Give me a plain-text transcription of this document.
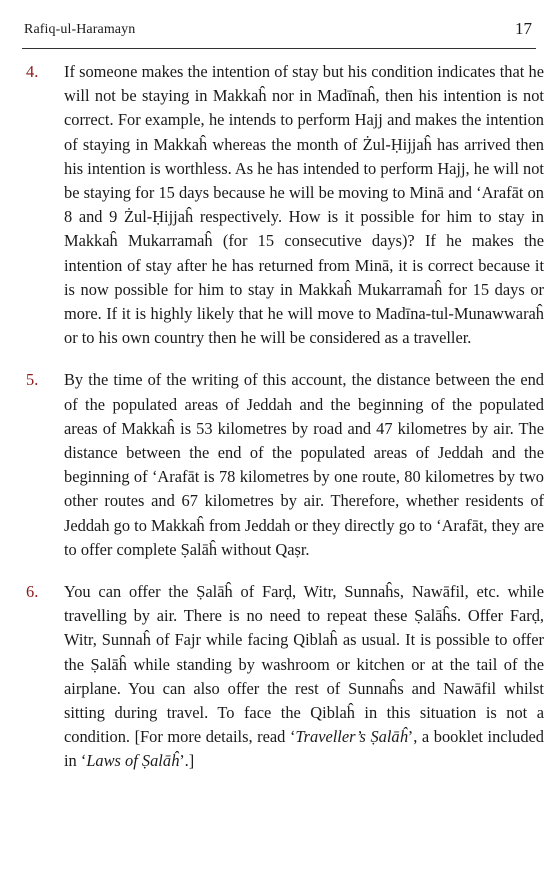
Rafiq-ul-Haramayn	17
4.	If someone makes the intention of stay but his condition indicates that he will not be staying in Makkaĥ nor in Madīnaĥ, then his intention is not correct. For example, he intends to perform Hajj and makes the intention of staying in Makkaĥ whereas the month of Żul-Ḥijjaĥ has arrived then his intention is worthless. As he has intended to perform Hajj, he will not be staying for 15 days because he will be moving to Minā and ‘Arafāt on 8 and 9 Żul-Ḥijjaĥ respectively. How is it possible for him to stay in Makkaĥ Mukarramaĥ (for 15 consecutive days)? If he makes the intention of stay after he has returned from Minā, it is correct because it is now possible for him to stay in Makkaĥ Mukarramaĥ for 15 days or more. If it is highly likely that he will move to Madīna-tul-Munawwaraĥ or to his own country then he will be considered as a traveller.
5.	By the time of the writing of this account, the distance between the end of the populated areas of Jeddah and the beginning of the populated areas of Makkaĥ is 53 kilometres by road and 47 kilometres by air. The distance between the end of the populated areas of Jeddah and the beginning of ‘Arafāt is 78 kilometres by one route, 80 kilometres by two other routes and 67 kilometres by air. Therefore, whether residents of Jeddah go to Makkaĥ from Jeddah or they directly go to ‘Arafāt, they are to offer complete Ṣalāĥ without Qaṣr.
6.	You can offer the Ṣalāĥ of Farḍ, Witr, Sunnaĥs, Nawāfil, etc. while travelling by air. There is no need to repeat these Ṣalāĥs. Offer Farḍ, Witr, Sunnaĥ of Fajr while facing Qiblaĥ as usual. It is possible to offer the Ṣalāĥ while standing by washroom or kitchen or at the tail of the airplane. You can also offer the rest of Sunnaĥs and Nawāfil whilst sitting during travel. To face the Qiblaĥ in this situation is not a condition. [For more details, read ‘Traveller’s Ṣalāĥ’, a booklet included in ‘Laws of Ṣalāĥ’.]
